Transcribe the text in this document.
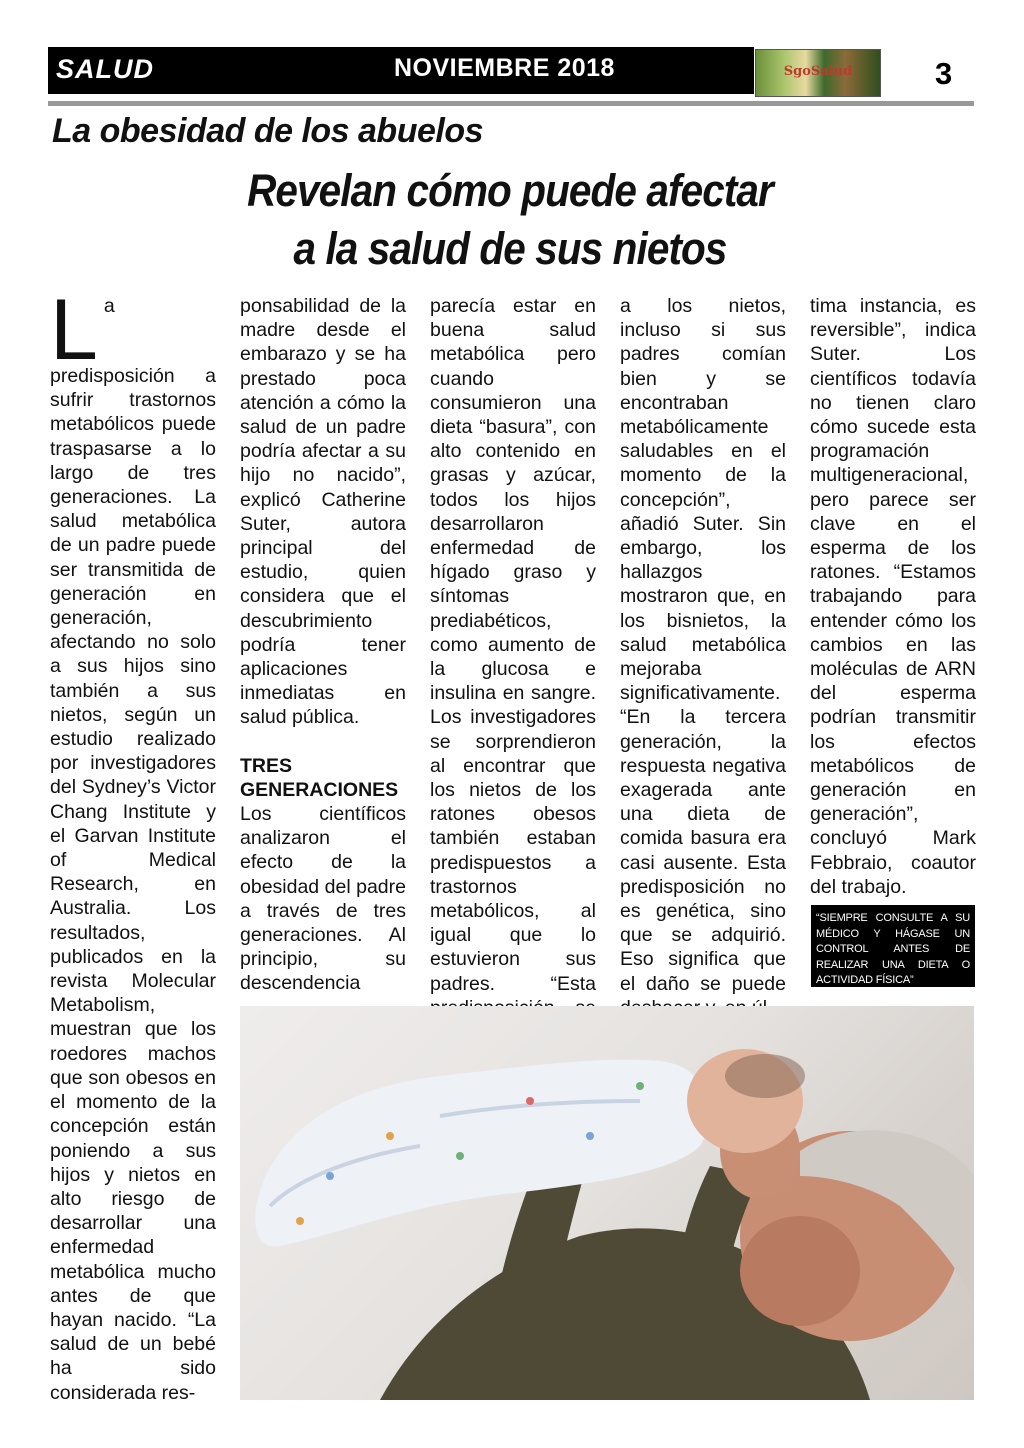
SALUD	NOVIEMBRE 2018	SgoSalud	3
La obesidad de los abuelos
Revelan cómo puede afectar
a la salud de sus nietos
La predisposición a sufrir trastornos metabólicos puede traspasarse a lo largo de tres generaciones. La salud metabólica de un padre puede ser transmitida de generación en generación, afectando no solo a sus hijos sino también a sus nietos, según un estudio realizado por investigadores del Sydney’s Victor Chang Institute y el Garvan Institute of Medical Research, en Australia. Los resultados, publicados en la revista Molecular Metabolism, muestran que los roedores machos que son obesos en el momento de la concepción están poniendo a sus hijos y nietos en alto riesgo de desarrollar una enfermedad metabólica mucho antes de que hayan nacido. “La salud de un bebé ha sido considerada res-
ponsabilidad de la madre desde el embarazo y se ha prestado poca atención a cómo la salud de un padre podría afectar a su hijo no nacido”, explicó Catherine Suter, autora principal del estudio, quien considera que el descubrimiento podría tener aplicaciones inmediatas en salud pública.
TRES GENERACIONES
Los científicos analizaron el efecto de la obesidad del padre a través de tres generaciones. Al principio, su descendencia
parecía estar en buena salud metabólica pero cuando consumieron una dieta “basura”, con alto contenido en grasas y azúcar, todos los hijos desarrollaron enfermedad de hígado graso y síntomas prediabéticos, como aumento de la glucosa e insulina en sangre. Los investigadores se sorprendieron al encontrar que los nietos de los ratones obesos también estaban predispuestos a trastornos metabólicos, al igual que lo estuvieron sus padres. “Esta
a los nietos, incluso si sus padres comían bien y se encontraban metabólicamente saludables en el momento de la concepción”, añadió Suter. Sin embargo, los hallazgos mostraron que, en los bisnietos, la salud metabólica mejoraba significativamente. “En la tercera generación, la respuesta negativa exagerada ante una dieta de comida basura era casi ausente. Esta predisposición no es genética, sino que se adquirió. Eso significa que el daño se puede
tima instancia, es reversible”, indica Suter. Los científicos todavía no tienen claro cómo sucede esta programación multigeneracional, pero parece ser clave en el esperma de los ratones. “Estamos trabajando para entender cómo los cambios en las moléculas de ARN del esperma podrían transmitir los efectos metabólicos de generación en generación”, concluyó Mark Febbraio, coautor del trabajo.
“SIEMPRE CONSULTE A SU MÉDICO Y HÁGASE UN CONTROL ANTES DE REALIZAR UNA DIETA O ACTIVIDAD FÍSICA”
